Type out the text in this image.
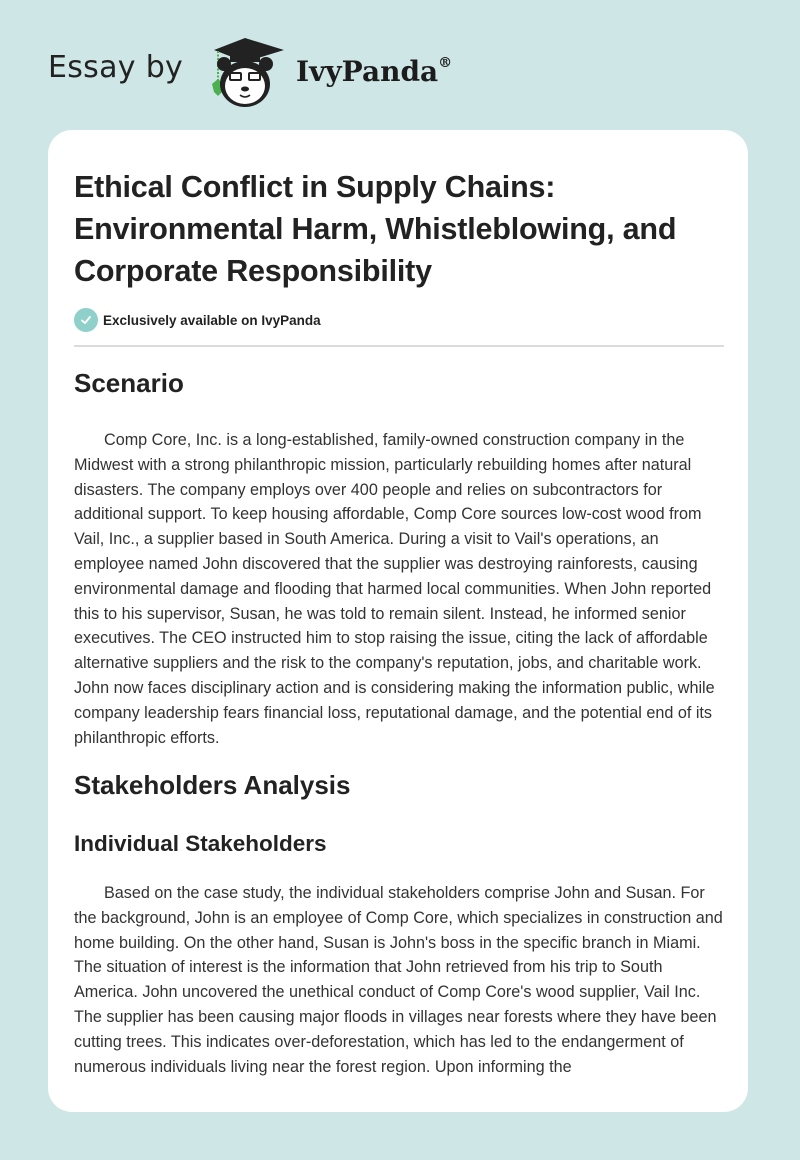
Essay by	IvyPanda®
Ethical Conflict in Supply Chains: Environmental Harm, Whistleblowing, and Corporate Responsibility
Exclusively available on IvyPanda
Scenario

Comp Core, Inc. is a long-established, family-owned construction company in the Midwest with a strong philanthropic mission, particularly rebuilding homes after natural disasters. The company employs over 400 people and relies on subcontractors for additional support. To keep housing affordable, Comp Core sources low-cost wood from Vail, Inc., a supplier based in South America. During a visit to Vail's operations, an employee named John discovered that the supplier was destroying rainforests, causing environmental damage and flooding that harmed local communities. When John reported this to his supervisor, Susan, he was told to remain silent. Instead, he informed senior executives. The CEO instructed him to stop raising the issue, citing the lack of affordable alternative suppliers and the risk to the company's reputation, jobs, and charitable work. John now faces disciplinary action and is considering making the information public, while company leadership fears financial loss, reputational damage, and the potential end of its philanthropic efforts.

Stakeholders Analysis
Individual Stakeholders

Based on the case study, the individual stakeholders comprise John and Susan. For the background, John is an employee of Comp Core, which specializes in construction and home building. On the other hand, Susan is John's boss in the specific branch in Miami. The situation of interest is the information that John retrieved from his trip to South America. John uncovered the unethical conduct of Comp Core's wood supplier, Vail Inc. The supplier has been causing major floods in villages near forests where they have been cutting trees. This indicates over-deforestation, which has led to the endangerment of numerous individuals living near the forest region. Upon informing the
